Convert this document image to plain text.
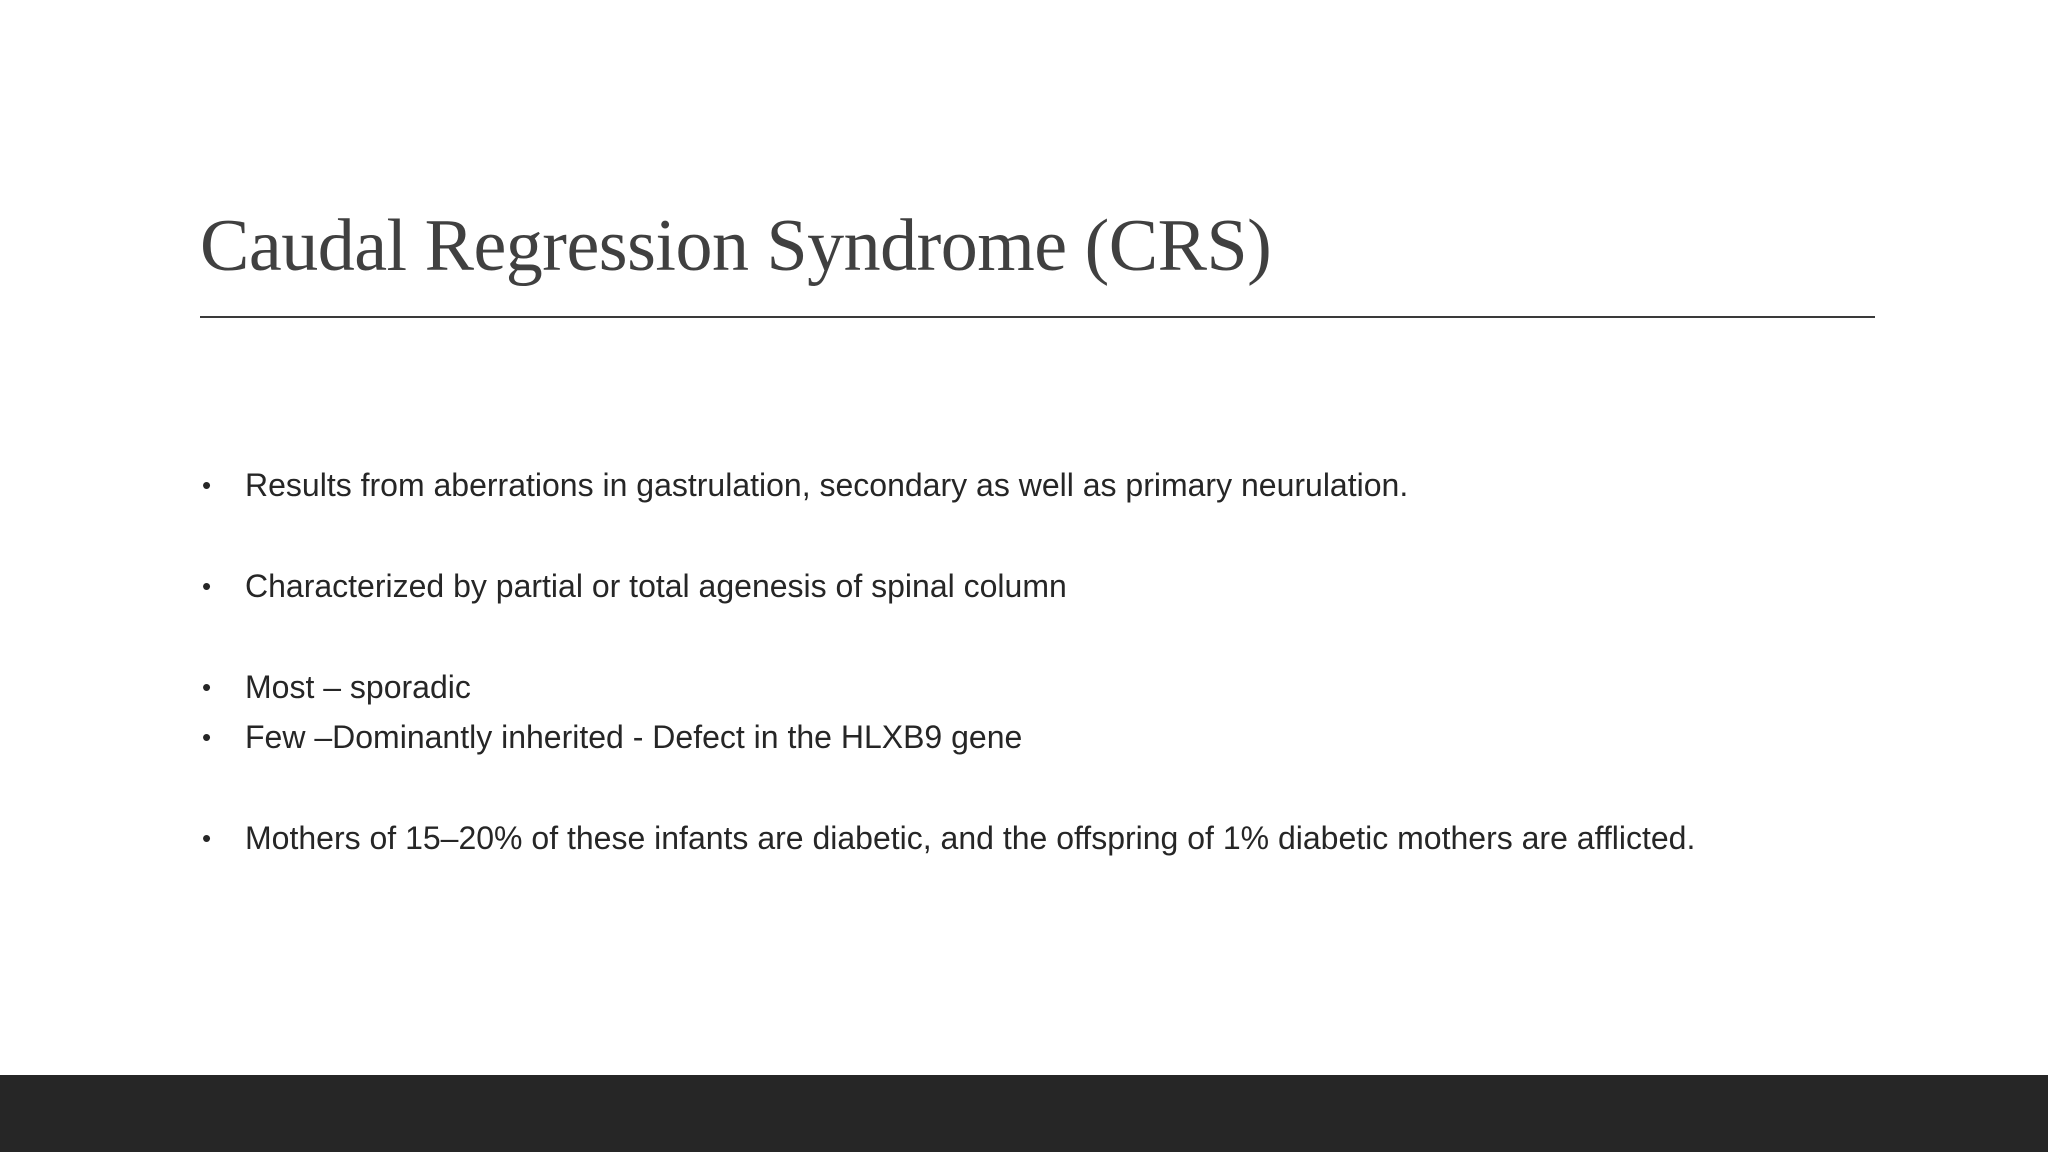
Caudal Regression Syndrome (CRS)
• Results from aberrations in gastrulation, secondary as well as primary neurulation.
• Characterized by partial or total agenesis of spinal column
• Most – sporadic
• Few –Dominantly inherited - Defect in the HLXB9 gene
• Mothers of 15–20% of these infants are diabetic, and the offspring of 1% diabetic mothers are afflicted.
